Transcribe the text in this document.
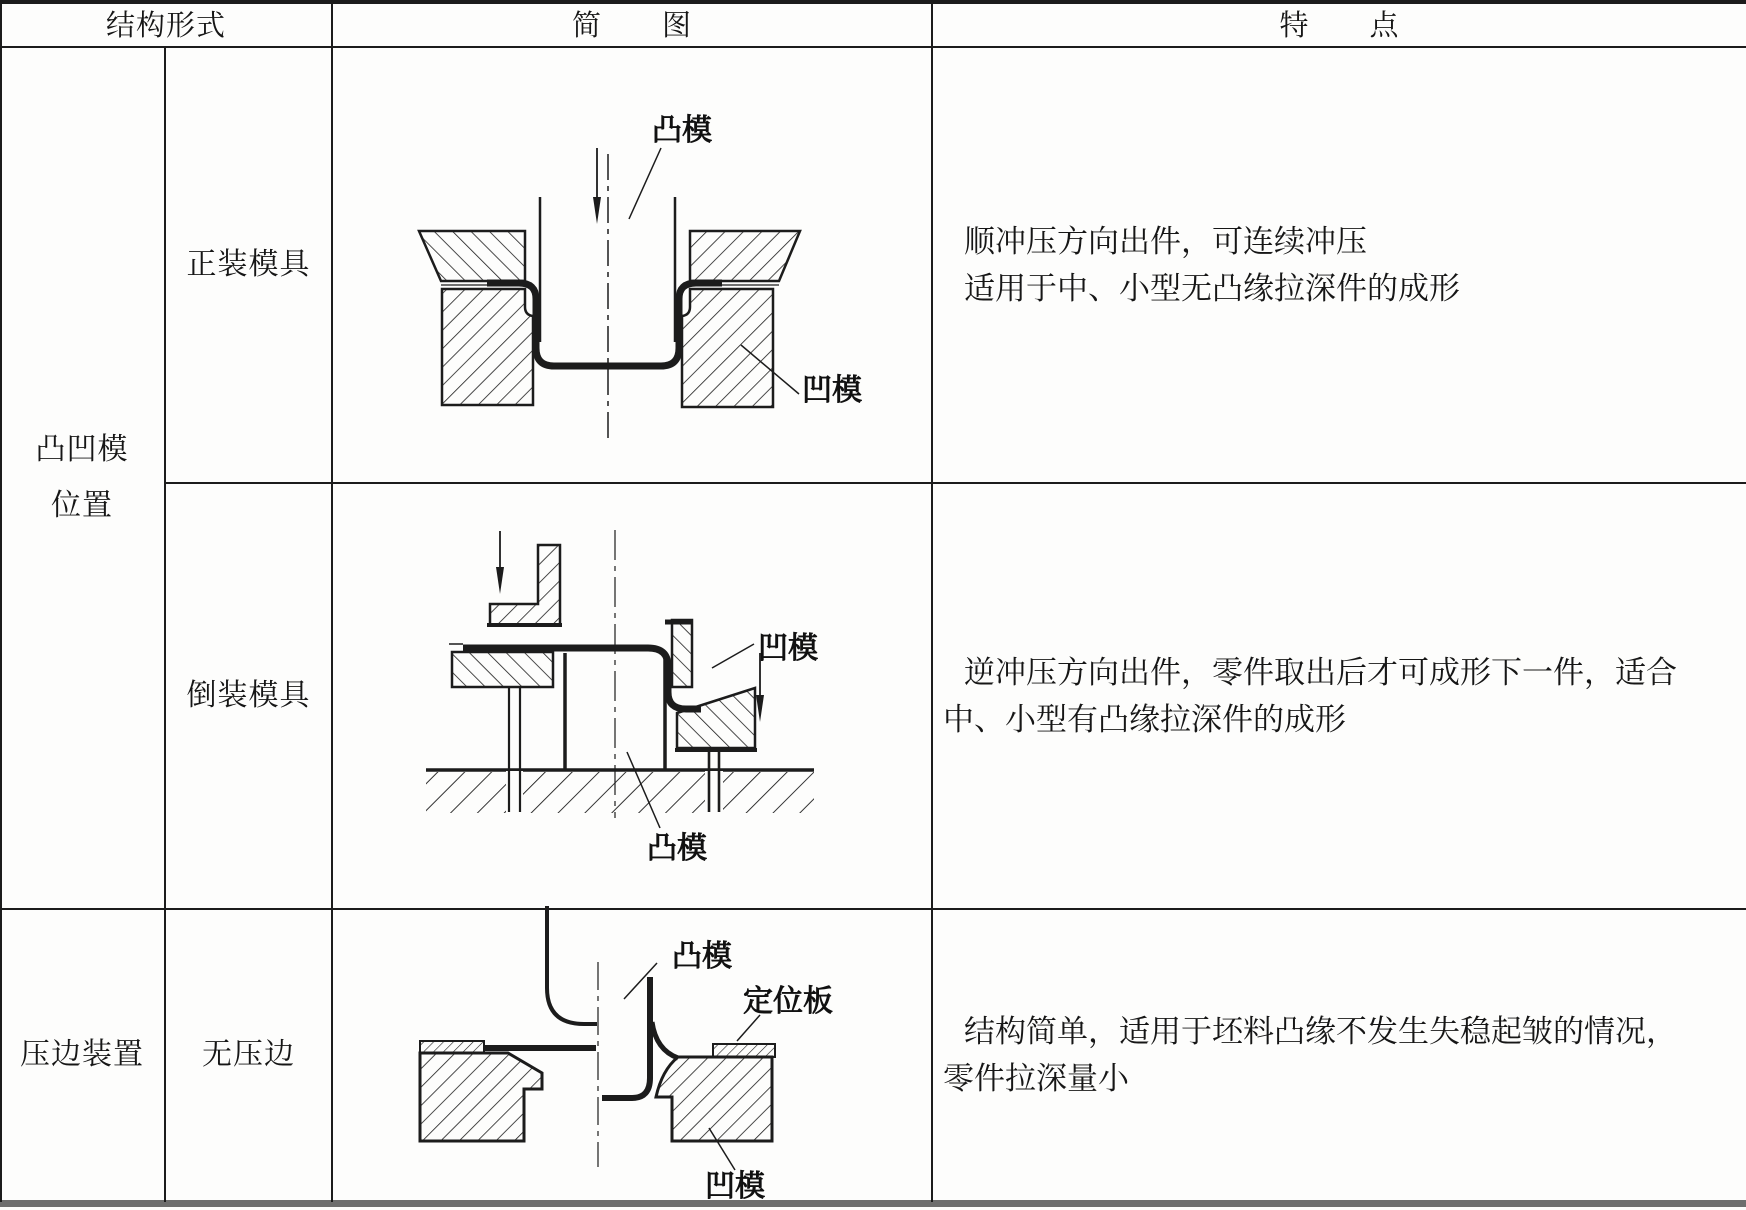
结构形式	简　　图	特　　点
凸凹模
位置
压边装置
正装模具
倒装模具
无压边
顺冲压方向出件，可连续冲压
适用于中、小型无凸缘拉深件的成形
逆冲压方向出件，零件取出后才可成形下一件，适合
中、小型有凸缘拉深件的成形
结构简单，适用于坯料凸缘不发生失稳起皱的情况，
零件拉深量小
凸模
凹模
凹模
凸模
凸模
定位板
凹模
